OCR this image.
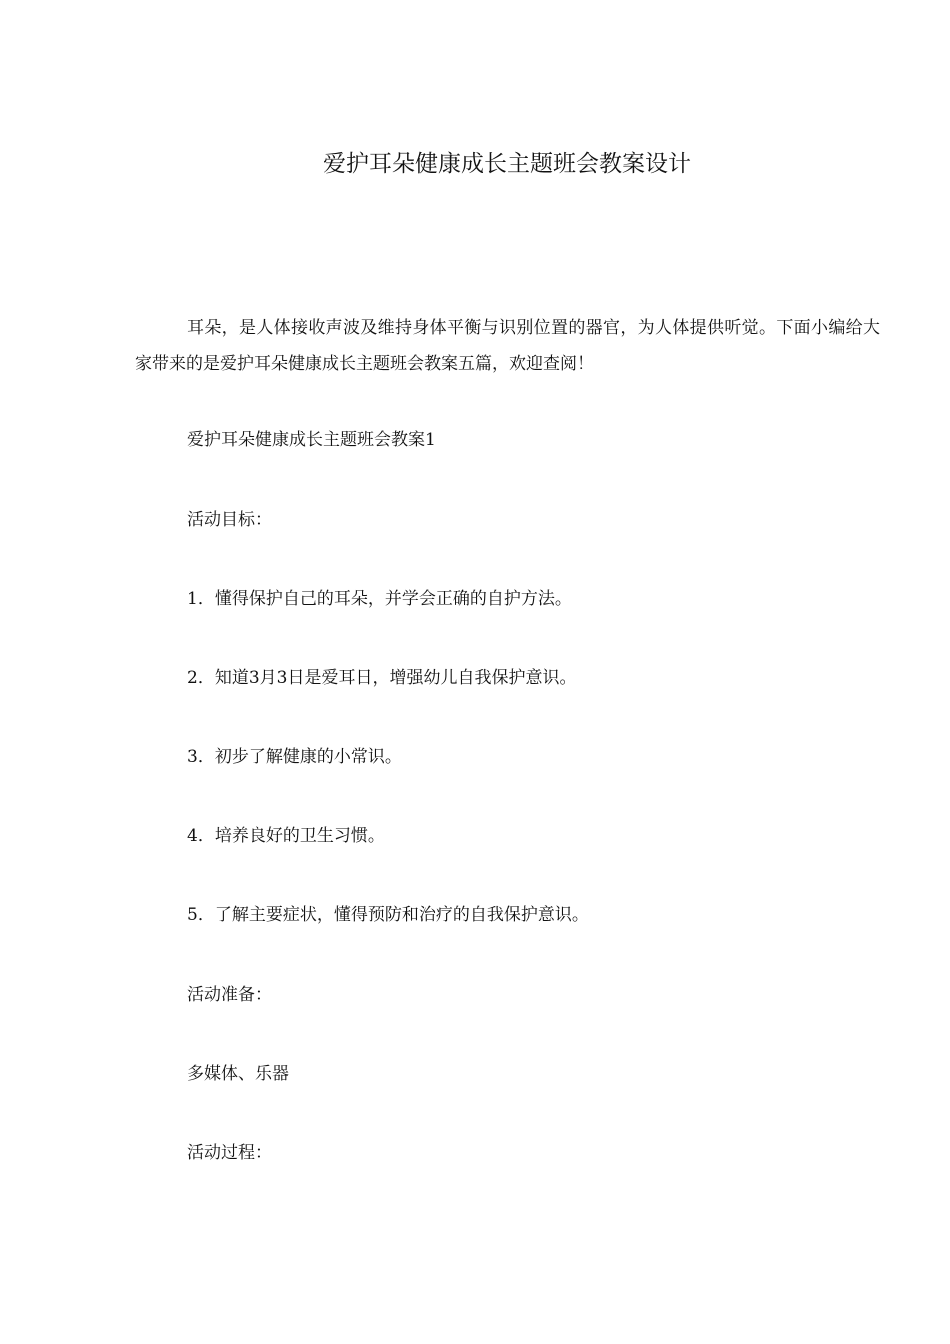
爱护耳朵健康成长主题班会教案设计

耳朵，是人体接收声波及维持身体平衡与识别位置的器官，为人体提供听觉。下面小编给大家带来的是爱护耳朵健康成长主题班会教案五篇，欢迎查阅！

爱护耳朵健康成长主题班会教案1

活动目标：

1．懂得保护自己的耳朵，并学会正确的自护方法。

2．知道3月3日是爱耳日，增强幼儿自我保护意识。

3．初步了解健康的小常识。

4．培养良好的卫生习惯。

5．了解主要症状，懂得预防和治疗的自我保护意识。

活动准备：

多媒体、乐器

活动过程：
